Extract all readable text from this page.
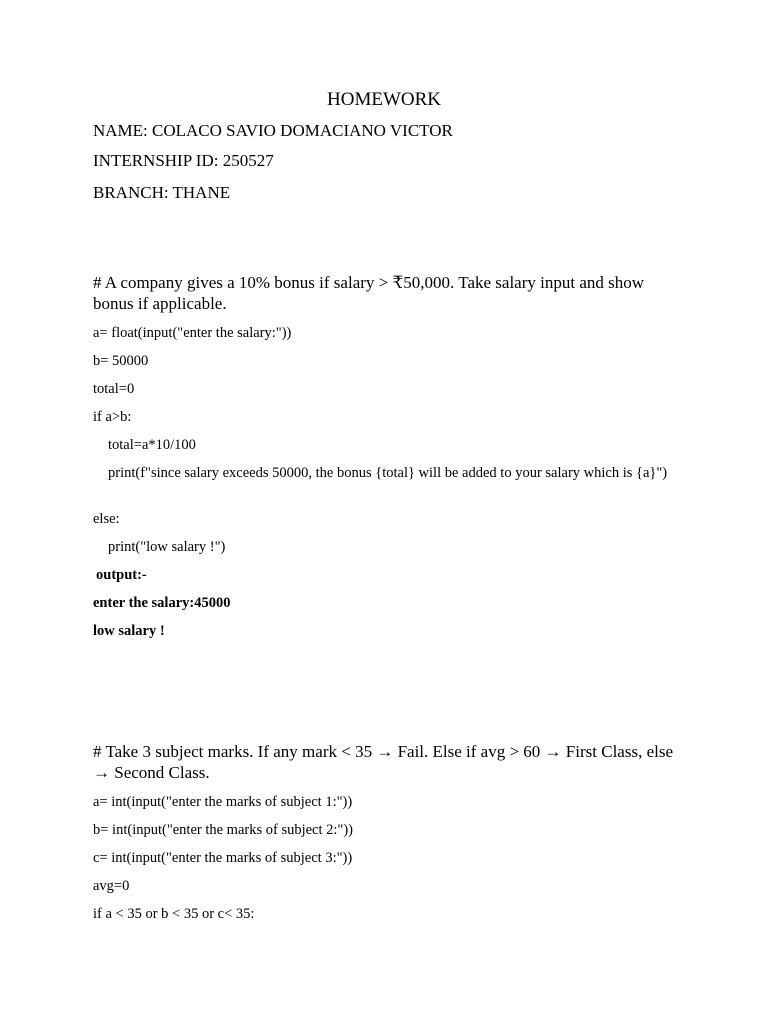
HOMEWORK
NAME: COLACO SAVIO DOMACIANO VICTOR
INTERNSHIP ID: 250527
BRANCH: THANE
# A company gives a 10% bonus if salary > ₹50,000. Take salary input and show bonus if applicable.
a= float(input("enter the salary:"))
b= 50000
total=0
if a>b:
total=a*10/100
print(f"since salary exceeds 50000, the bonus {total} will be added to your salary which is {a}")
else:
print("low salary !")
output:-
enter the salary:45000
low salary !
# Take 3 subject marks. If any mark < 35 → Fail. Else if avg > 60 → First Class, else → Second Class.
a= int(input("enter the marks of subject 1:"))
b= int(input("enter the marks of subject 2:"))
c= int(input("enter the marks of subject 3:"))
avg=0
if a < 35 or b < 35 or c< 35:
